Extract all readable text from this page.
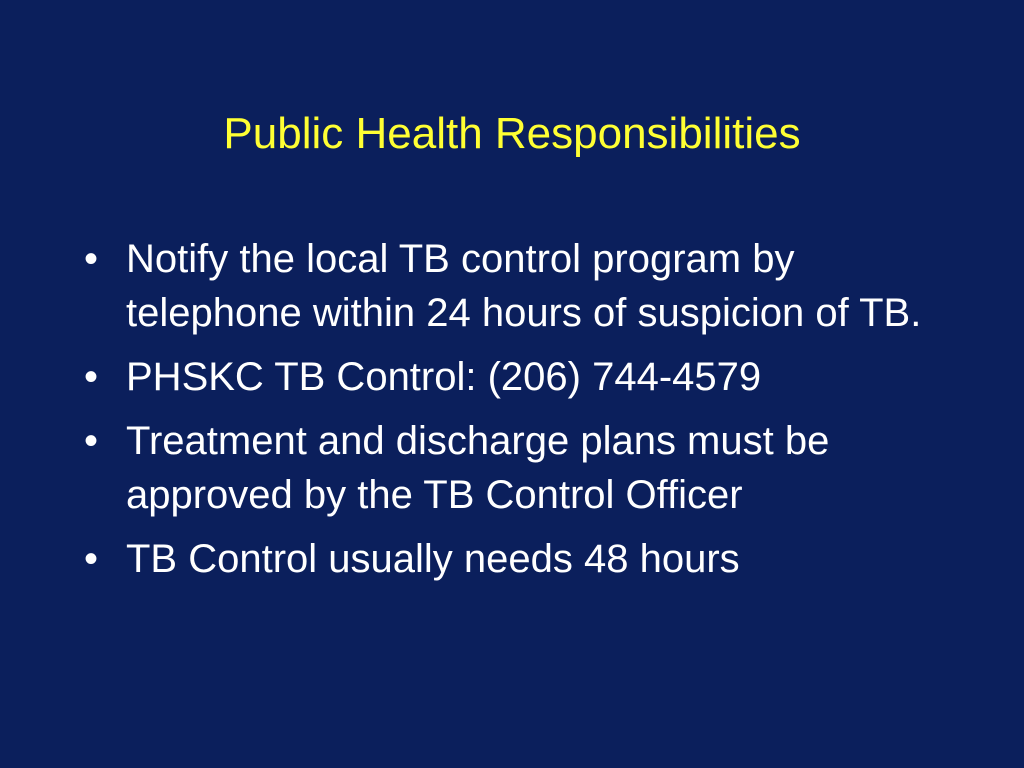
Public Health Responsibilities
• Notify the local TB control program by telephone within 24 hours of suspicion of TB.
• PHSKC TB Control: (206) 744-4579
• Treatment and discharge plans must be approved by the TB Control Officer
• TB Control usually needs 48 hours
